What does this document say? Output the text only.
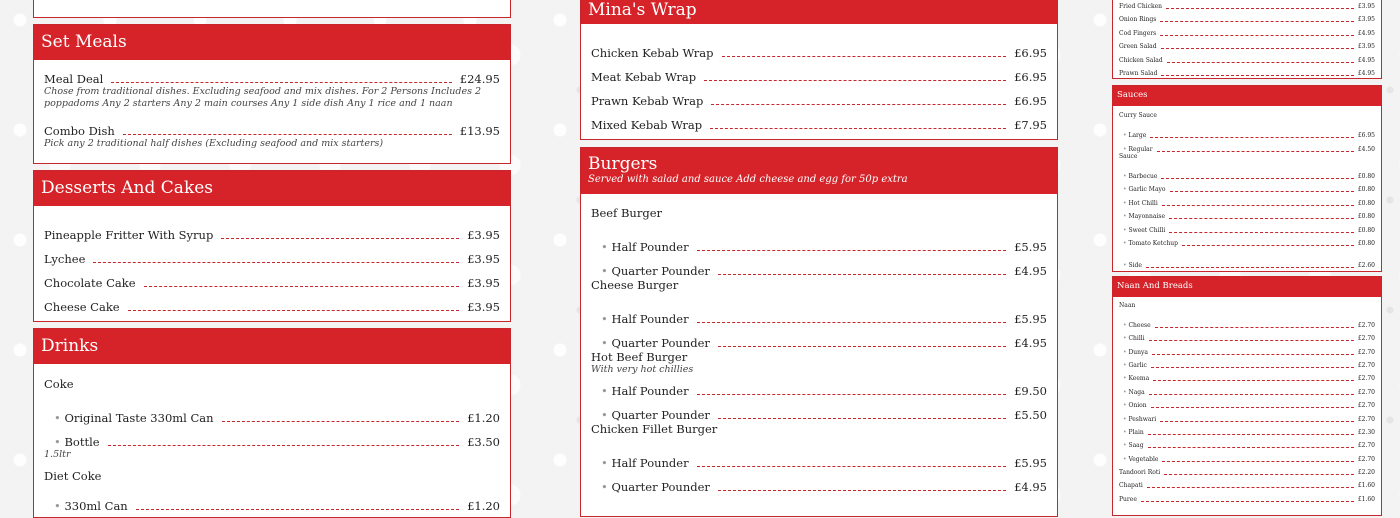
Set Meals
Meal Deal	£24.95
Chose from traditional dishes. Excluding seafood and mix dishes. For 2 Persons Includes 2 poppadoms Any 2 starters Any 2 main courses Any 1 side dish Any 1 rice and 1 naan
Combo Dish	£13.95
Pick any 2 traditional half dishes (Excluding seafood and mix starters)
Desserts And Cakes
Pineapple Fritter With Syrup	£3.95
Lychee	£3.95
Chocolate Cake	£3.95
Cheese Cake	£3.95
Drinks
Coke
• Original Taste 330ml Can	£1.20
• Bottle	£3.50
1.5ltr
Diet Coke
• 330ml Can	£1.20
Mina's Wrap
Chicken Kebab Wrap	£6.95
Meat Kebab Wrap	£6.95
Prawn Kebab Wrap	£6.95
Mixed Kebab Wrap	£7.95
Burgers
Served with salad and sauce Add cheese and egg for 50p extra
Beef Burger
• Half Pounder	£5.95
• Quarter Pounder	£4.95
Cheese Burger
• Half Pounder	£5.95
• Quarter Pounder	£4.95
Hot Beef Burger
With very hot chillies
• Half Pounder	£9.50
• Quarter Pounder	£5.50
Chicken Fillet Burger
• Half Pounder	£5.95
• Quarter Pounder	£4.95
Fried Chicken	£3.95
Onion Rings	£3.95
Cod Fingers	£4.95
Green Salad	£3.95
Chicken Salad	£4.95
Prawn Salad	£4.95
Sauces
Curry Sauce
• Large	£6.95
• Regular	£4.50
Sauce
• Barbecue	£0.80
• Garlic Mayo	£0.80
• Hot Chilli	£0.80
• Mayonnaise	£0.80
• Sweet Chilli	£0.80
• Tomato Ketchup	£0.80
• Side	£2.60
Naan And Breads
Naan
• Cheese	£2.70
• Chilli	£2.70
• Dunya	£2.70
• Garlic	£2.70
• Keema	£2.70
• Naga	£2.70
• Onion	£2.70
• Peshwari	£2.70
• Plain	£2.30
• Saag	£2.70
• Vegetable	£2.70
Tandoori Roti	£2.20
Chapati	£1.60
Puree	£1.60
